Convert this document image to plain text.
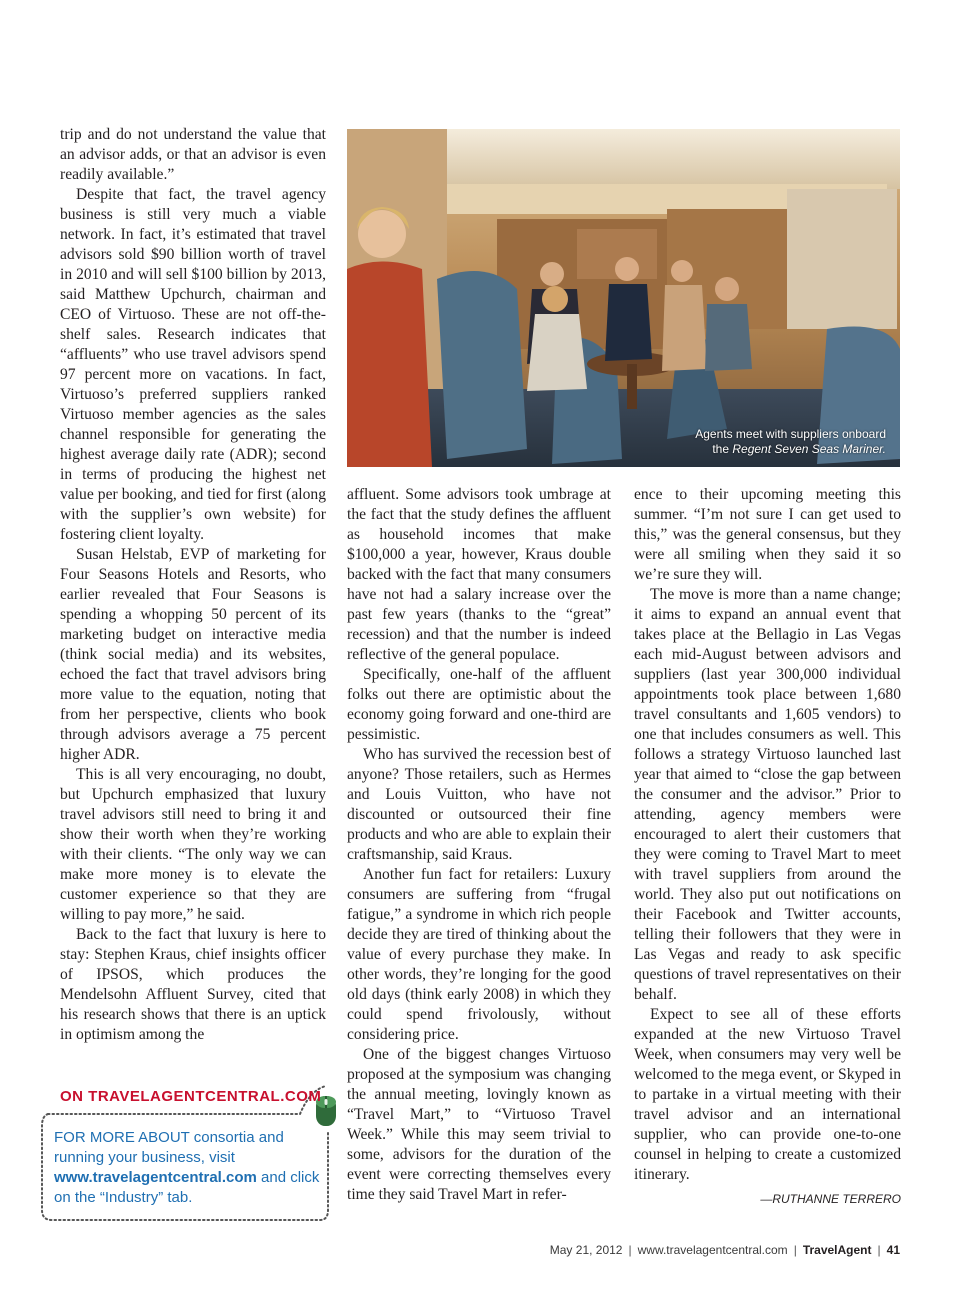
trip and do not understand the value that an advisor adds, or that an advisor is even readily available.”

Despite that fact, the travel agency business is still very much a viable network. In fact, it’s estimated that travel advisors sold $90 billion worth of travel in 2010 and will sell $100 billion by 2013, said Matthew Upchurch, chairman and CEO of Virtuoso. These are not off-the-shelf sales. Research indicates that “affluents” who use travel advisors spend 97 percent more on vacations. In fact, Virtuoso’s preferred suppliers ranked Virtuoso member agencies as the sales channel responsible for generating the highest average daily rate (ADR); second in terms of producing the highest net value per booking, and tied for first (along with the supplier’s own website) for fostering client loyalty.

Susan Helstab, EVP of marketing for Four Seasons Hotels and Resorts, who earlier revealed that Four Seasons is spending a whopping 50 percent of its marketing budget on interactive media (think social media) and its websites, echoed the fact that travel advisors bring more value to the equation, noting that from her perspective, clients who book through advisors average a 75 percent higher ADR.

This is all very encouraging, no doubt, but Upchurch emphasized that luxury travel advisors still need to bring it and show their worth when they’re working with their clients. “The only way we can make more money is to elevate the customer experience so that they are willing to pay more,” he said.

Back to the fact that luxury is here to stay: Stephen Kraus, chief insights officer of IPSOS, which produces the Mendelsohn Affluent Survey, cited that his research shows that there is an uptick in optimism among the

Agents meet with suppliers onboard
the Regent Seven Seas Mariner.

affluent. Some advisors took umbrage at the fact that the study defines the affluent as household incomes that make $100,000 a year, however, Kraus double backed with the fact that many consumers have not had a salary increase over the past few years (thanks to the “great” recession) and that the number is indeed reflective of the general populace.

Specifically, one-half of the affluent folks out there are optimistic about the economy going forward and one-third are pessimistic.

Who has survived the recession best of anyone? Those retailers, such as Hermes and Louis Vuitton, who have not discounted or outsourced their fine products and who are able to explain their craftsmanship, said Kraus.

Another fun fact for retailers: Luxury consumers are suffering from “frugal fatigue,” a syndrome in which rich people decide they are tired of thinking about the value of every purchase they make. In other words, they’re longing for the good old days (think early 2008) in which they could spend frivolously, without considering price.

One of the biggest changes Virtuoso proposed at the symposium was changing the annual meeting, lovingly known as “Travel Mart,” to “Virtuoso Travel Week.” While this may seem trivial to some, advisors for the duration of the event were correcting themselves every time they said Travel Mart in refer-

ence to their upcoming meeting this summer. “I’m not sure I can get used to this,” was the general consensus, but they were all smiling when they said it so we’re sure they will.

The move is more than a name change; it aims to expand an annual event that takes place at the Bellagio in Las Vegas each mid-August between advisors and suppliers (last year 300,000 individual appointments took place between 1,680 travel consultants and 1,605 vendors) to one that includes consumers as well. This follows a strategy Virtuoso launched last year that aimed to “close the gap between the consumer and the advisor.” Prior to attending, agency members were encouraged to alert their customers that they were coming to Travel Mart to meet with travel suppliers from around the world. They also put out notifications on their Facebook and Twitter accounts, telling their followers that they were in Las Vegas and ready to ask specific questions of travel representatives on their behalf.

Expect to see all of these efforts expanded at the new Virtuoso Travel Week, when consumers may very well be welcomed to the mega event, or Skyped in to partake in a virtual meeting with their travel advisor and an international supplier, who can provide one-to-one counsel in helping to create a customized itinerary.

—RUTHANNE TERRERO
ON TRAVELAGENTCENTRAL.COM
FOR MORE ABOUT consortia and running your business, visit www.travelagentcentral.com and click on the “Industry” tab.
May 21, 2012 | www.travelagentcentral.com | TravelAgent | 41
